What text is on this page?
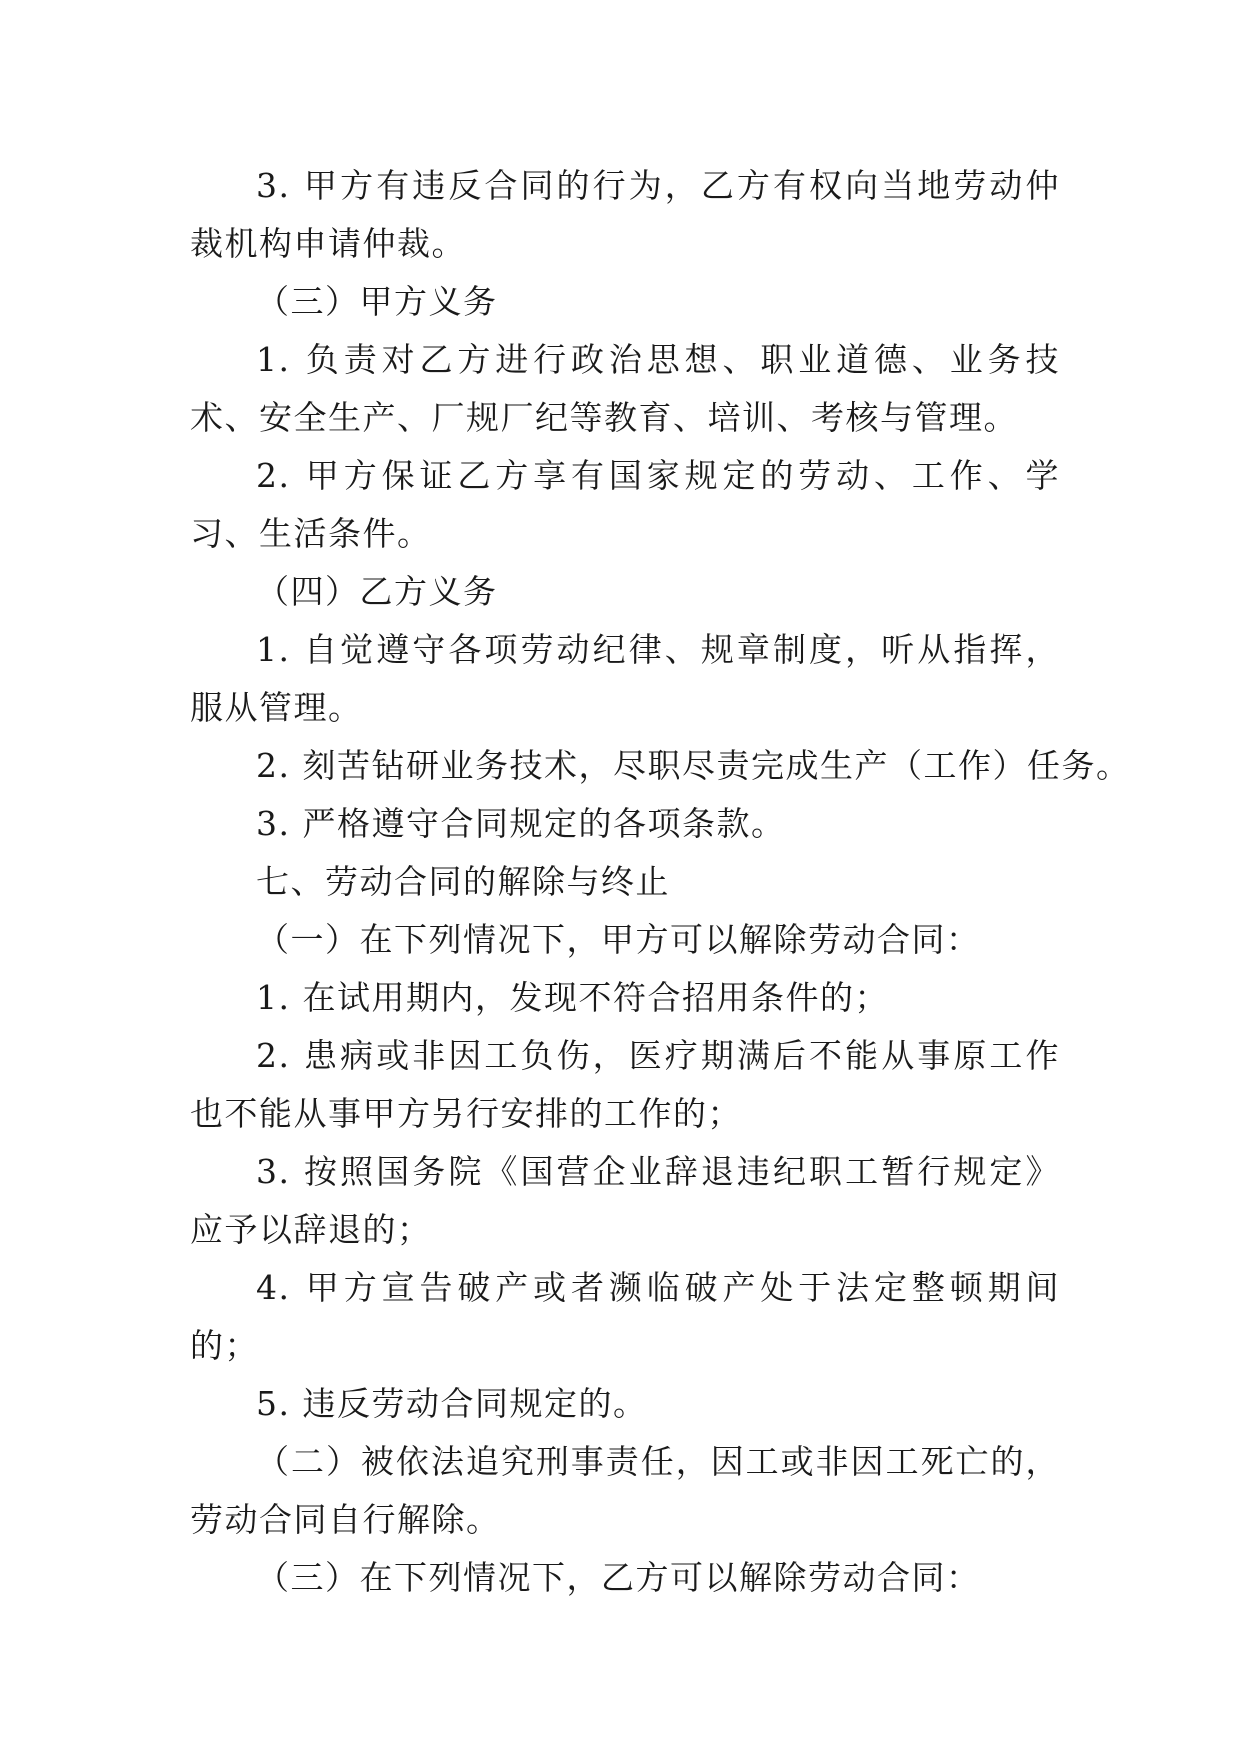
3. 甲方有违反合同的行为，乙方有权向当地劳动仲裁机构申请仲裁。

（三）甲方义务

1. 负责对乙方进行政治思想、职业道德、业务技术、安全生产、厂规厂纪等教育、培训、考核与管理。

2. 甲方保证乙方享有国家规定的劳动、工作、学习、生活条件。

（四）乙方义务

1. 自觉遵守各项劳动纪律、规章制度，听从指挥，服从管理。

2. 刻苦钻研业务技术，尽职尽责完成生产（工作）任务。

3. 严格遵守合同规定的各项条款。

七、劳动合同的解除与终止

（一）在下列情况下，甲方可以解除劳动合同：

1. 在试用期内，发现不符合招用条件的；

2. 患病或非因工负伤，医疗期满后不能从事原工作也不能从事甲方另行安排的工作的；

3. 按照国务院《国营企业辞退违纪职工暂行规定》应予以辞退的；

4. 甲方宣告破产或者濒临破产处于法定整顿期间的；

5. 违反劳动合同规定的。

（二）被依法追究刑事责任，因工或非因工死亡的，劳动合同自行解除。

（三）在下列情况下，乙方可以解除劳动合同：
